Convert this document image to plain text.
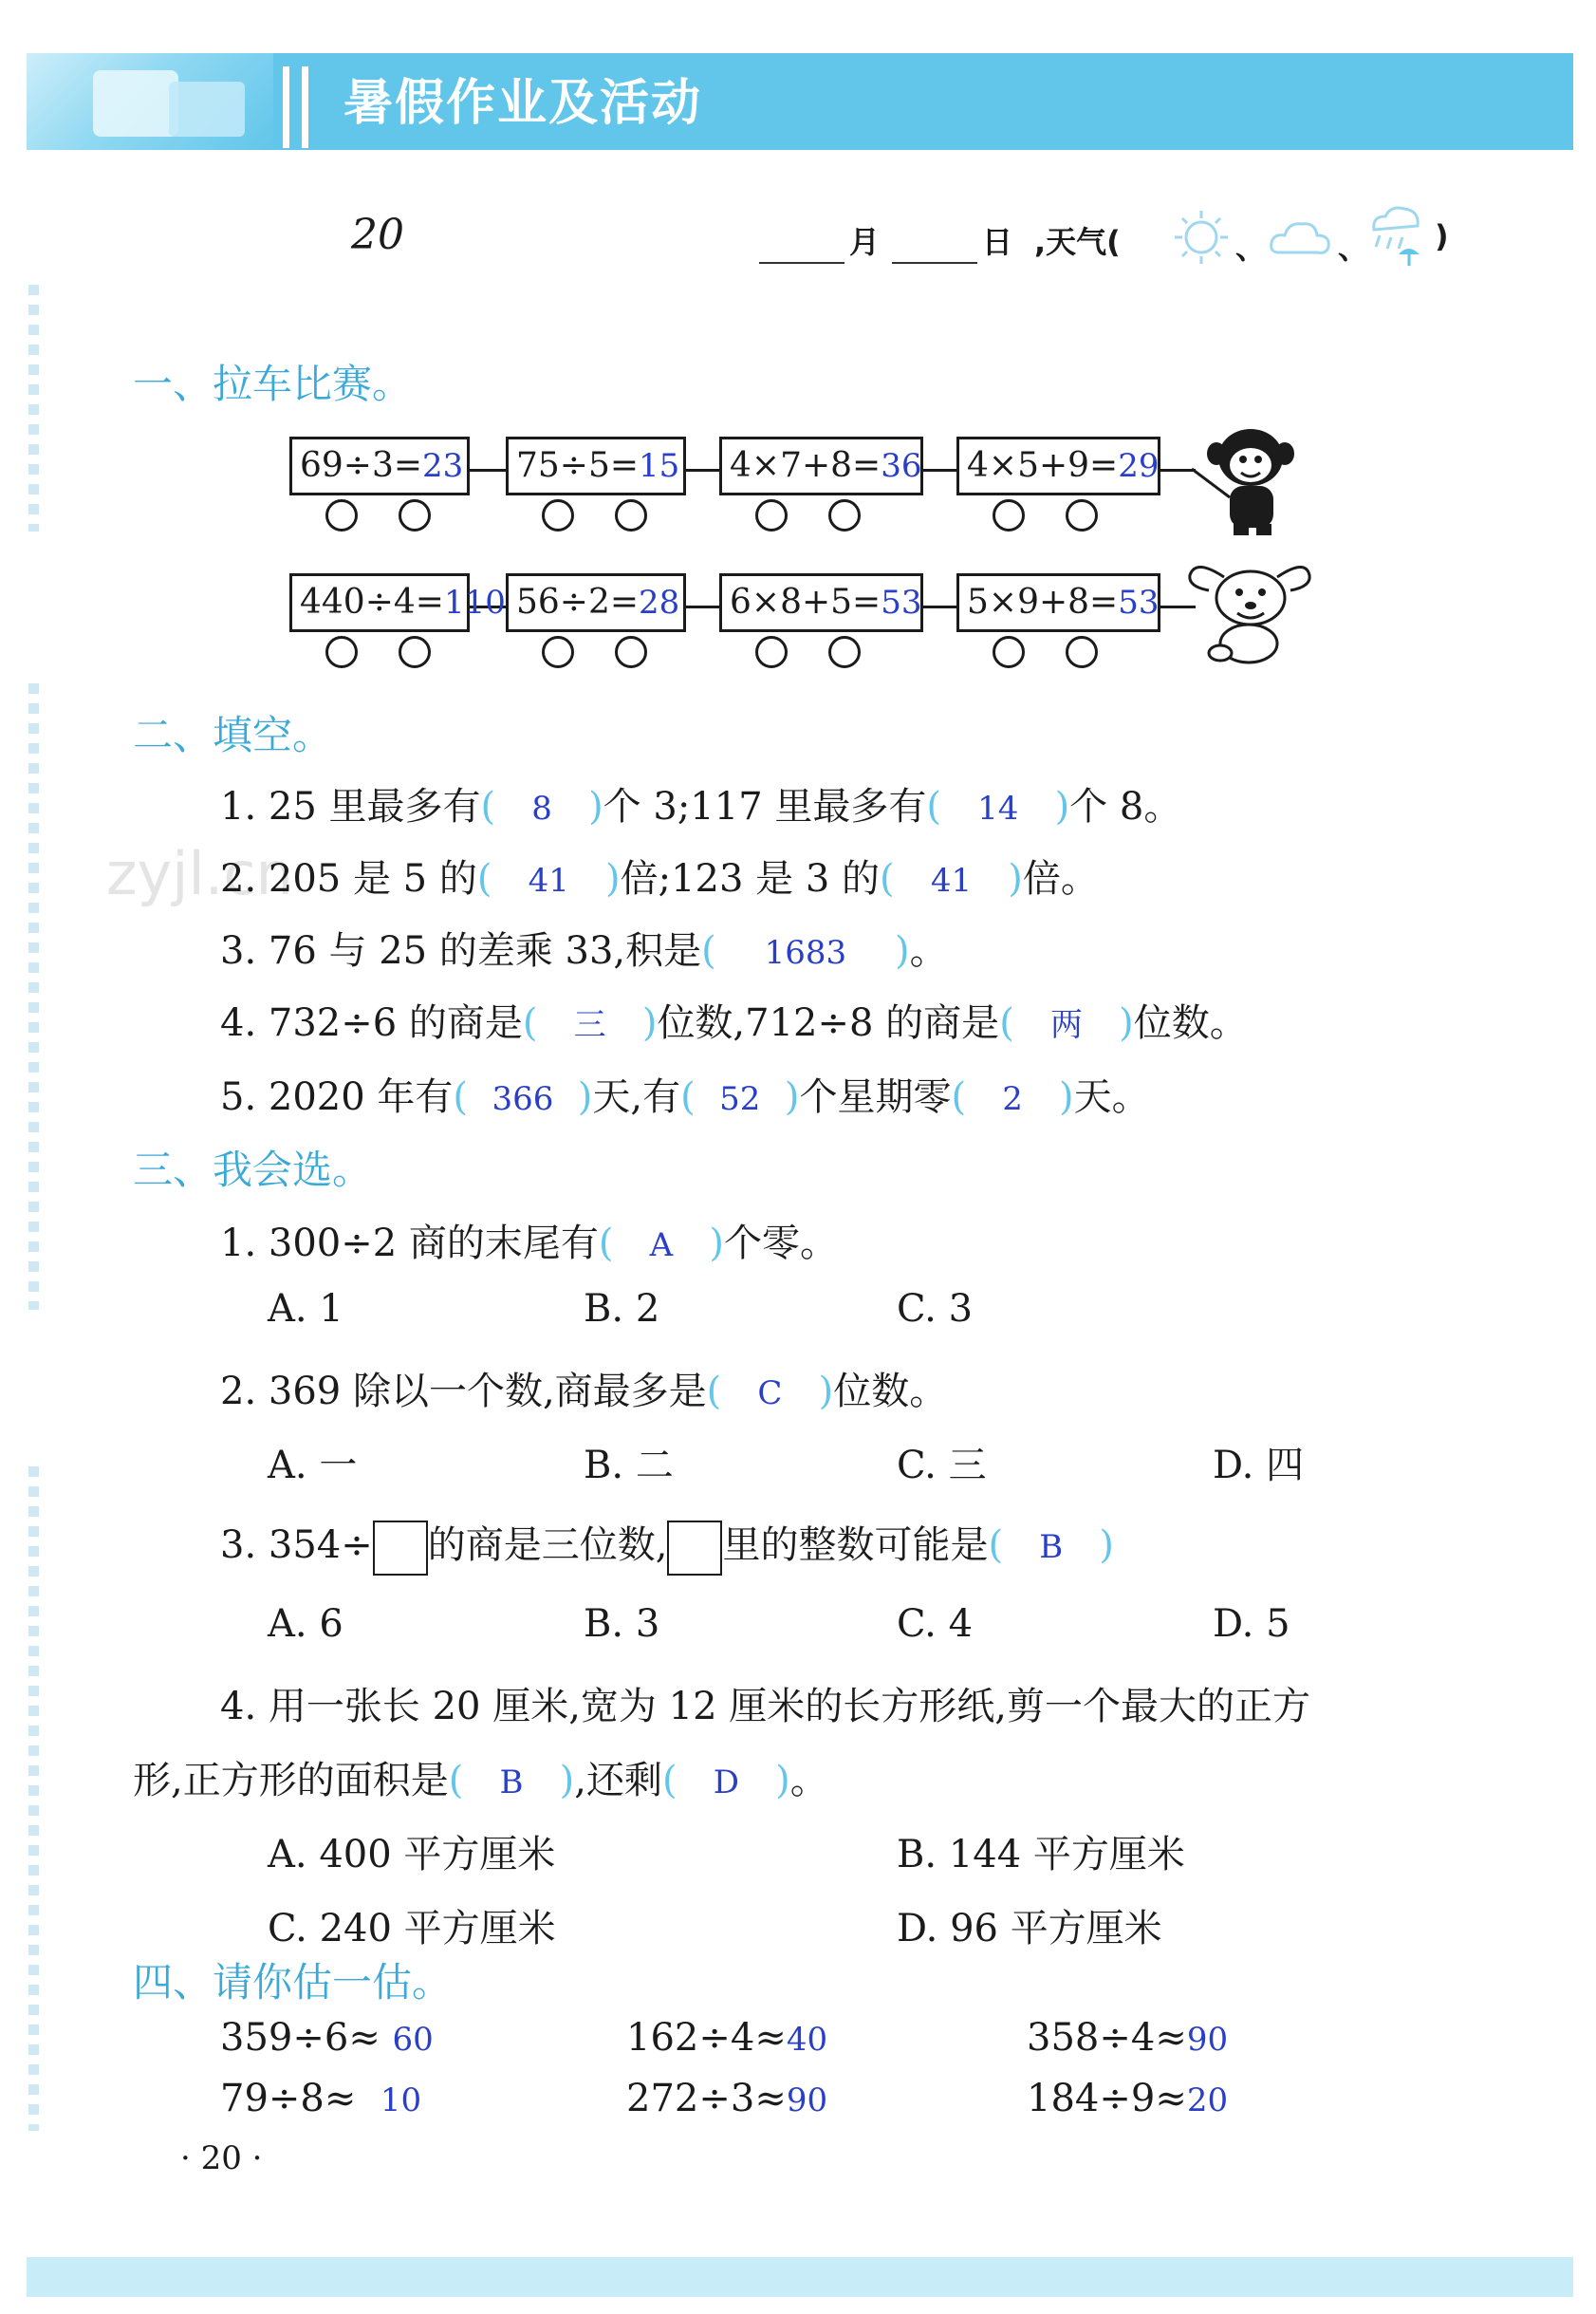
暑假作业及活动
20	月	日 ,天气(	、 、 )
一、拉车比赛。
69÷3=23	75÷5=15	4×7+8=36	4×5+9=29
440÷4=110 56÷2=28	6×8+5=53	5×9+8=53
二、填空。
1. 25 里最多有( 8 )个 3;117 里最多有( 14 )个 8。
zyjl.cn
2. 205 是 5 的( 41 )倍;123 是 3 的( 41 )倍。
3. 76 与 25 的差乘 33,积是( 1683 )。
4. 732÷6 的商是( 三 )位数,712÷8 的商是( 两 )位数。
5. 2020 年有( 366 )天,有( 52 )个星期零( 2 )天。
三、我会选。
1. 300÷2 商的末尾有( A )个零。
A. 1	B. 2	C. 3
2. 369 除以一个数,商最多是( C )位数。
A. 一	B. 二	C. 三	D. 四
3. 354÷ 的商是三位数, 里的整数可能是( B )
A. 6	B. 3	C. 4	D. 5
4. 用一张长 20 厘米,宽为 12 厘米的长方形纸,剪一个最大的正方
形,正方形的面积是( B ),还剩( D )。
A. 400 平方厘米	B. 144 平方厘米
C. 240 平方厘米	D. 96 平方厘米
四、请你估一估。
359÷6≈ 60	162÷4≈40	358÷4≈90
79÷8≈ 10	272÷3≈90	184÷9≈20
· 20 ·
